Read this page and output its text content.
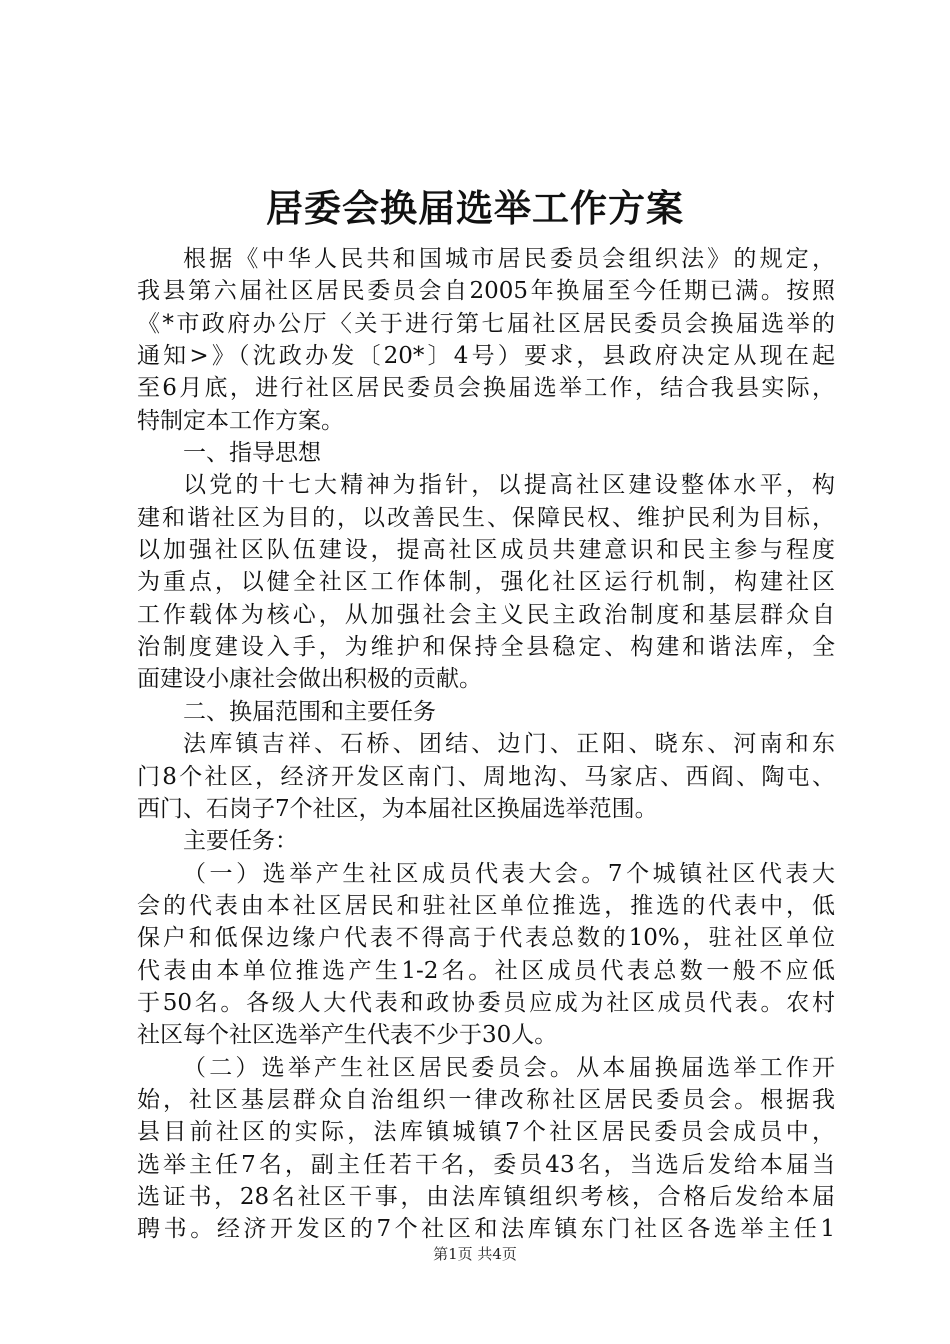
居委会换届选举工作方案
根据《中华人民共和国城市居民委员会组织法》的规定，
我县第六届社区居民委员会自2005年换届至今任期已满。按照
《*市政府办公厅〈关于进行第七届社区居民委员会换届选举的
通知>》（沈政办发〔20*〕4号）要求，县政府决定从现在起
至6月底，进行社区居民委员会换届选举工作，结合我县实际，
特制定本工作方案。
一、指导思想
以党的十七大精神为指针，以提高社区建设整体水平，构
建和谐社区为目的，以改善民生、保障民权、维护民利为目标，
以加强社区队伍建设，提高社区成员共建意识和民主参与程度
为重点，以健全社区工作体制，强化社区运行机制，构建社区
工作载体为核心，从加强社会主义民主政治制度和基层群众自
治制度建设入手，为维护和保持全县稳定、构建和谐法库，全
面建设小康社会做出积极的贡献。
二、换届范围和主要任务
法库镇吉祥、石桥、团结、边门、正阳、晓东、河南和东
门8个社区，经济开发区南门、周地沟、马家店、西阎、陶屯、
西门、石岗子7个社区，为本届社区换届选举范围。
主要任务：
（一）选举产生社区成员代表大会。7个城镇社区代表大
会的代表由本社区居民和驻社区单位推选，推选的代表中，低
保户和低保边缘户代表不得高于代表总数的10%，驻社区单位
代表由本单位推选产生1-2名。社区成员代表总数一般不应低
于50名。各级人大代表和政协委员应成为社区成员代表。农村
社区每个社区选举产生代表不少于30人。
（二）选举产生社区居民委员会。从本届换届选举工作开
始，社区基层群众自治组织一律改称社区居民委员会。根据我
县目前社区的实际，法库镇城镇7个社区居民委员会成员中，
选举主任7名，副主任若干名，委员43名，当选后发给本届当
选证书，28名社区干事，由法库镇组织考核，合格后发给本届
聘书。经济开发区的7个社区和法库镇东门社区各选举主任1
第1页 共4页
